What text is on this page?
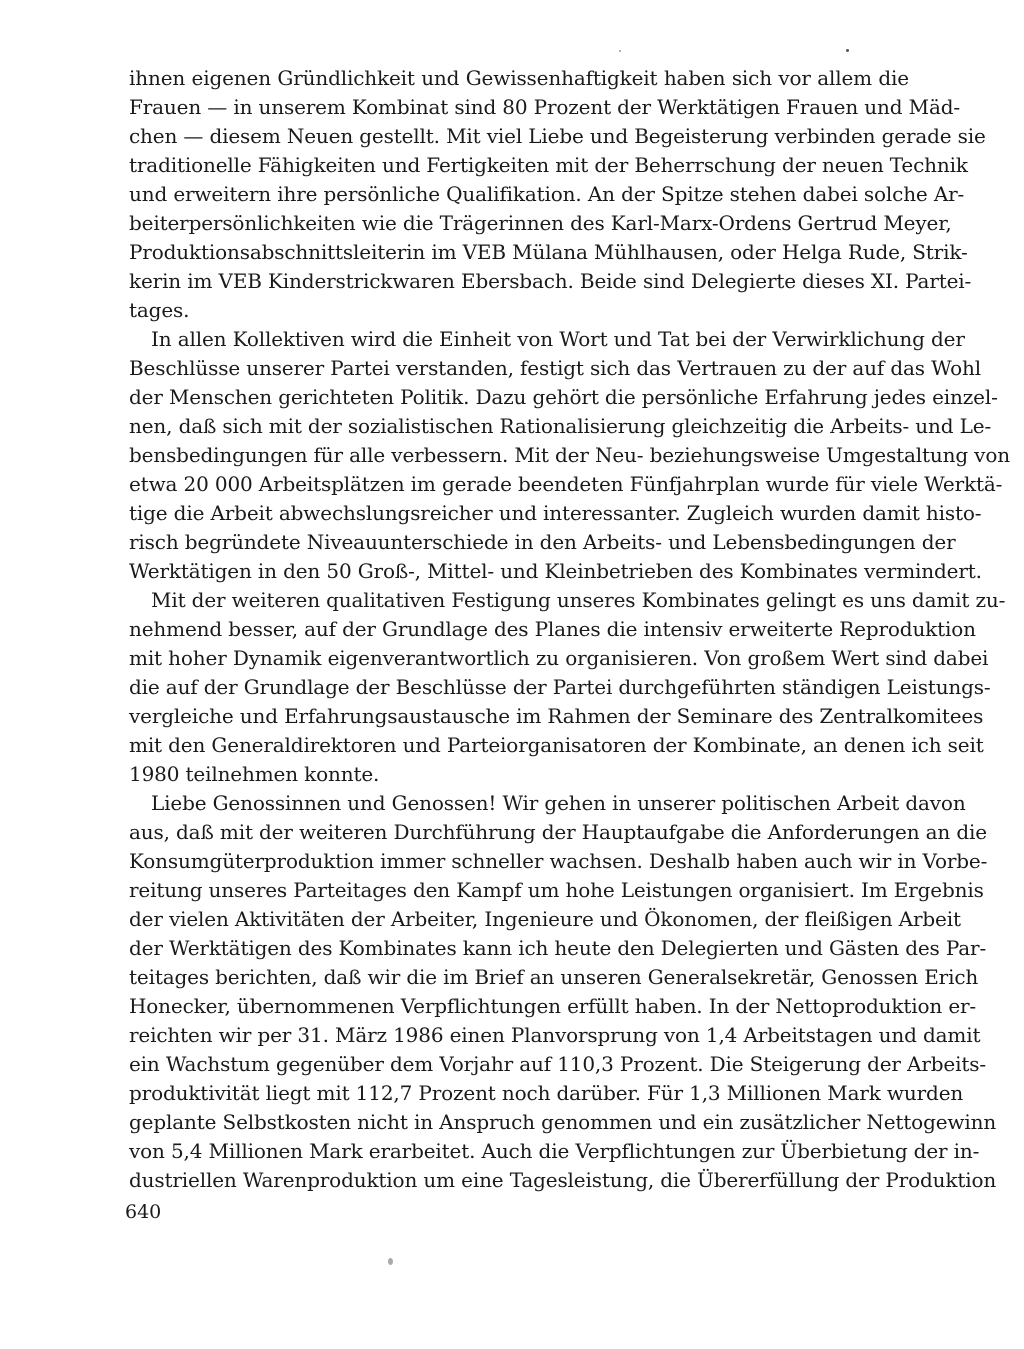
ihnen eigenen Gründlichkeit und Gewissenhaftigkeit haben sich vor allem die
Frauen — in unserem Kombinat sind 80 Prozent der Werktätigen Frauen und Mäd-
chen — diesem Neuen gestellt. Mit viel Liebe und Begeisterung verbinden gerade sie
traditionelle Fähigkeiten und Fertigkeiten mit der Beherrschung der neuen Technik
und erweitern ihre persönliche Qualifikation. An der Spitze stehen dabei solche Ar-
beiterpersönlichkeiten wie die Trägerinnen des Karl-Marx-Ordens Gertrud Meyer,
Produktionsabschnittsleiterin im VEB Mülana Mühlhausen, oder Helga Rude, Strik-
kerin im VEB Kinderstrickwaren Ebersbach. Beide sind Delegierte dieses XI. Partei-
tages.
In allen Kollektiven wird die Einheit von Wort und Tat bei der Verwirklichung der
Beschlüsse unserer Partei verstanden, festigt sich das Vertrauen zu der auf das Wohl
der Menschen gerichteten Politik. Dazu gehört die persönliche Erfahrung jedes einzel-
nen, daß sich mit der sozialistischen Rationalisierung gleichzeitig die Arbeits- und Le-
bensbedingungen für alle verbessern. Mit der Neu- beziehungsweise Umgestaltung von
etwa 20 000 Arbeitsplätzen im gerade beendeten Fünfjahrplan wurde für viele Werktä-
tige die Arbeit abwechslungsreicher und interessanter. Zugleich wurden damit histo-
risch begründete Niveauunterschiede in den Arbeits- und Lebensbedingungen der
Werktätigen in den 50 Groß-, Mittel- und Kleinbetrieben des Kombinates vermindert.
Mit der weiteren qualitativen Festigung unseres Kombinates gelingt es uns damit zu-
nehmend besser, auf der Grundlage des Planes die intensiv erweiterte Reproduktion
mit hoher Dynamik eigenverantwortlich zu organisieren. Von großem Wert sind dabei
die auf der Grundlage der Beschlüsse der Partei durchgeführten ständigen Leistungs-
vergleiche und Erfahrungsaustausche im Rahmen der Seminare des Zentralkomitees
mit den Generaldirektoren und Parteiorganisatoren der Kombinate, an denen ich seit
1980 teilnehmen konnte.
Liebe Genossinnen und Genossen! Wir gehen in unserer politischen Arbeit davon
aus, daß mit der weiteren Durchführung der Hauptaufgabe die Anforderungen an die
Konsumgüterproduktion immer schneller wachsen. Deshalb haben auch wir in Vorbe-
reitung unseres Parteitages den Kampf um hohe Leistungen organisiert. Im Ergebnis
der vielen Aktivitäten der Arbeiter, Ingenieure und Ökonomen, der fleißigen Arbeit
der Werktätigen des Kombinates kann ich heute den Delegierten und Gästen des Par-
teitages berichten, daß wir die im Brief an unseren Generalsekretär, Genossen Erich
Honecker, übernommenen Verpflichtungen erfüllt haben. In der Nettoproduktion er-
reichten wir per 31. März 1986 einen Planvorsprung von 1,4 Arbeitstagen und damit
ein Wachstum gegenüber dem Vorjahr auf 110,3 Prozent. Die Steigerung der Arbeits-
produktivität liegt mit 112,7 Prozent noch darüber. Für 1,3 Millionen Mark wurden
geplante Selbstkosten nicht in Anspruch genommen und ein zusätzlicher Nettogewinn
von 5,4 Millionen Mark erarbeitet. Auch die Verpflichtungen zur Überbietung der in-
dustriellen Warenproduktion um eine Tagesleistung, die Übererfüllung der Produktion
640
